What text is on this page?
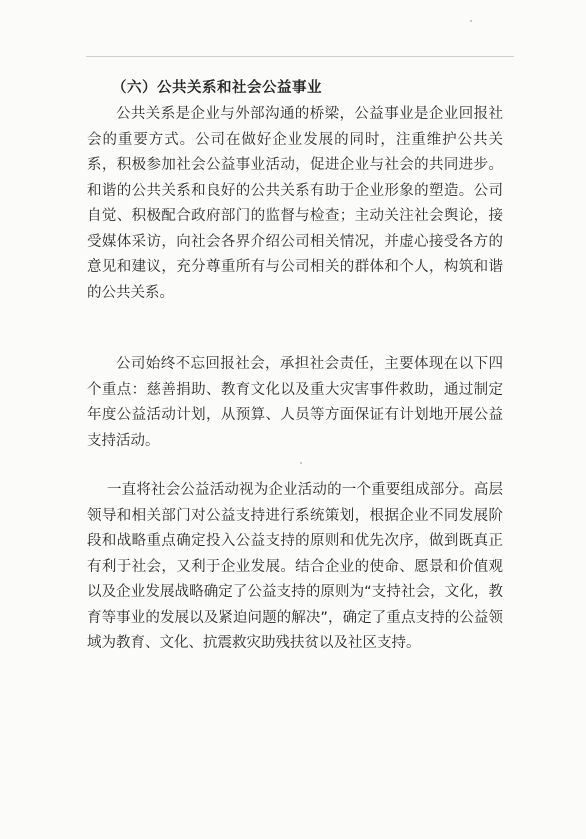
（六）公共关系和社会公益事业

公共关系是企业与外部沟通的桥梁，公益事业是企业回报社会的重要方式。公司在做好企业发展的同时，注重维护公共关系，积极参加社会公益事业活动，促进企业与社会的共同进步。和谐的公共关系和良好的公共关系有助于企业形象的塑造。公司自觉、积极配合政府部门的监督与检查；主动关注社会舆论，接受媒体采访，向社会各界介绍公司相关情况，并虚心接受各方的意见和建议，充分尊重所有与公司相关的群体和个人，构筑和谐的公共关系。

公司始终不忘回报社会，承担社会责任，主要体现在以下四个重点：慈善捐助、教育文化以及重大灾害事件救助，通过制定年度公益活动计划，从预算、人员等方面保证有计划地开展公益支持活动。

一直将社会公益活动视为企业活动的一个重要组成部分。高层领导和相关部门对公益支持进行系统策划，根据企业不同发展阶段和战略重点确定投入公益支持的原则和优先次序，做到既真正有利于社会，又利于企业发展。结合企业的使命、愿景和价值观以及企业发展战略确定了公益支持的原则为“支持社会，文化，教育等事业的发展以及紧迫问题的解决”，确定了重点支持的公益领域为教育、文化、抗震救灾助残扶贫以及社区支持。
